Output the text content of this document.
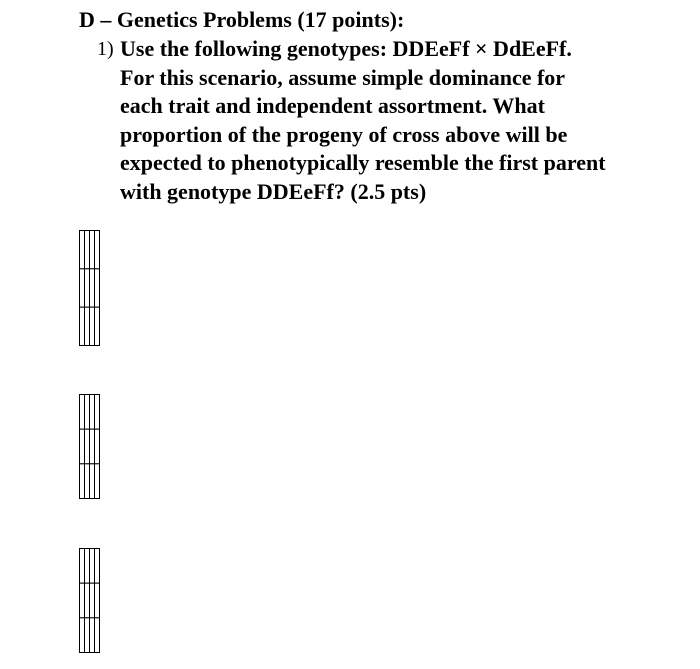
D – Genetics Problems (17 points):
1) Use the following genotypes: DDEeFf × DdEeFf.
For this scenario, assume simple dominance for
each trait and independent assortment. What
proportion of the progeny of cross above will be
expected to phenotypically resemble the first parent
with genotype DDEeFf? (2.5 pts)
